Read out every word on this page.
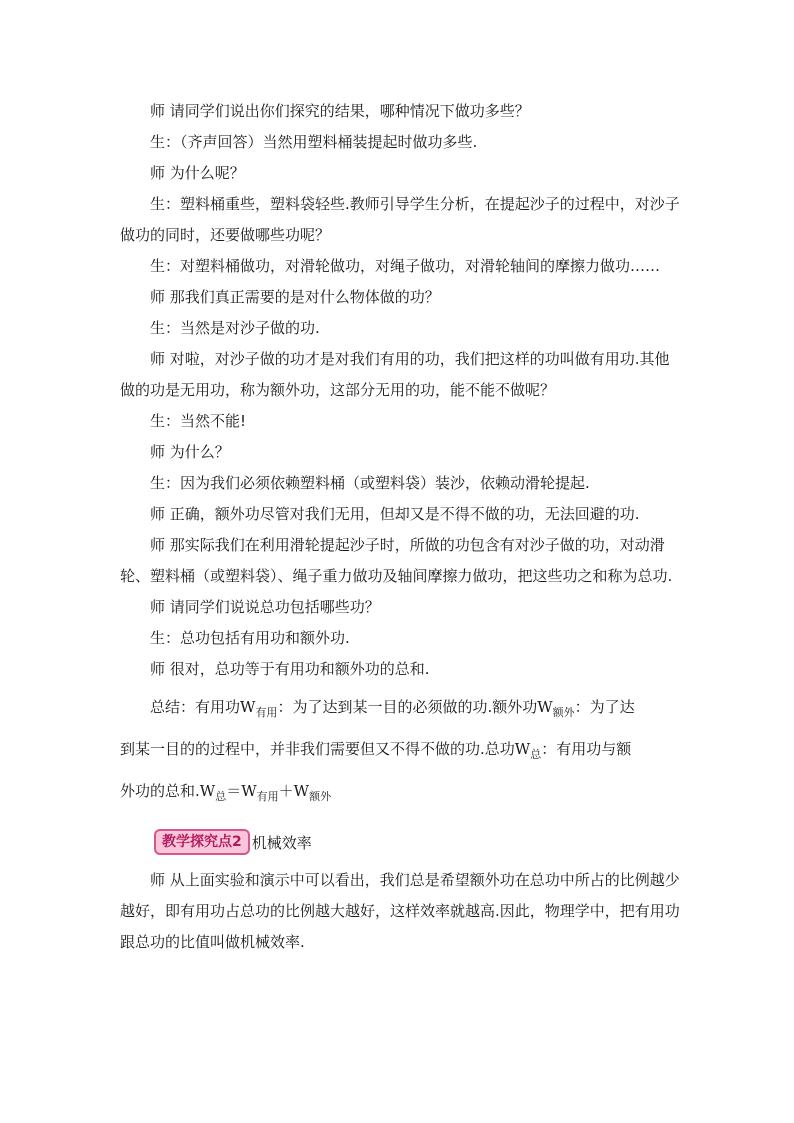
师 请同学们说出你们探究的结果，哪种情况下做功多些？

生：（齐声回答）当然用塑料桶装提起时做功多些.

师 为什么呢？

生：塑料桶重些，塑料袋轻些.教师引导学生分析，在提起沙子的过程中，对沙子做功的同时，还要做哪些功呢？

生：对塑料桶做功，对滑轮做功，对绳子做功，对滑轮轴间的摩擦力做功……

师 那我们真正需要的是对什么物体做的功？

生：当然是对沙子做的功.

师 对啦，对沙子做的功才是对我们有用的功，我们把这样的功叫做有用功.其他做的功是无用功，称为额外功，这部分无用的功，能不能不做呢？

生：当然不能!

师 为什么？

生：因为我们必须依赖塑料桶（或塑料袋）装沙，依赖动滑轮提起.

师 正确，额外功尽管对我们无用，但却又是不得不做的功，无法回避的功.

师 那实际我们在利用滑轮提起沙子时，所做的功包含有对沙子做的功，对动滑轮、塑料桶（或塑料袋）、绳子重力做功及轴间摩擦力做功，把这些功之和称为总功.

师 请同学们说说总功包括哪些功？

生：总功包括有用功和额外功.

师 很对，总功等于有用功和额外功的总和.

总结：有用功$W_{有用}$：为了达到某一目的必须做的功.额外功$W_{额外}$：为了达

到某一目的的过程中，并非我们需要但又不得不做的功.总功$W_总$：有用功与额

外功的总和$.W_总=W_{有用}+W_{额外}$

教学探究点2 机械效率

师 从上面实验和演示中可以看出，我们总是希望额外功在总功中所占的比例越少越好，即有用功占总功的比例越大越好，这样效率就越高.因此，物理学中，把有用功跟总功的比值叫做机械效率.
